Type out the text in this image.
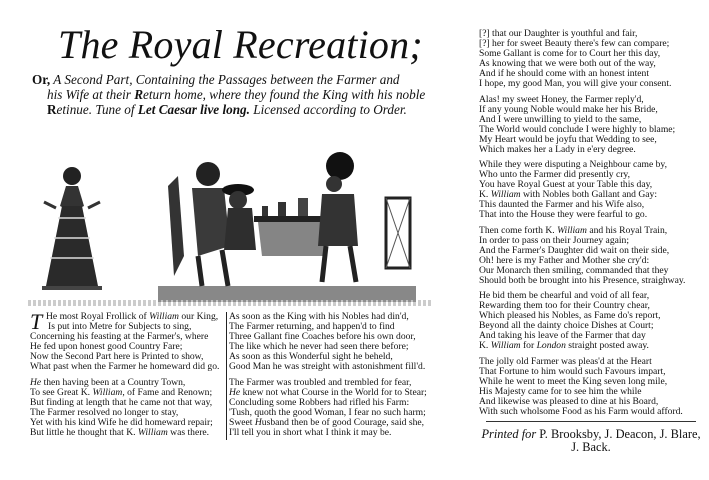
The Royal Recreation;
Or, A Second Part, Containing the Passages between the Farmer and
his Wife at their Return home, where they found the King with his noble
Retinue. Tune of Let Caesar live long. Licensed according to Order.
T He most Royal Frollick of William our King,
Is put into Metre for Subjects to sing,
Concerning his feasting at the Farmer's, where
He fed upon honest good Country Fare;
Now the Second Part here is Printed to show,
What past when the Farmer he homeward did go.
He then having been at a Country Town,
To see Great K. William, of Fame and Renown;
But finding at length that he came not that way,
The Farmer resolved no longer to stay,
Yet with his kind Wife he did homeward repair;
But little he thought that K. William was there.
As soon as the King with his Nobles had din'd,
The Farmer returning, and happen'd to find
Three Gallant fine Coaches before his own door,
The like which he never had seen there before;
As soon as this Wonderful sight he beheld,
Good Man he was streight with astonishment fill'd.
The Farmer was troubled and trembled for fear,
He knew not what Course in the World for to Stear;
Concluding some Robbers had rifled his Farm:
'Tush, quoth the good Woman, I fear no such harm;
Sweet Husband then be of good Courage, said she,
I'll tell you in short what I think it may be.
[?] that our Daughter is youthful and fair,
[?] her for sweet Beauty there's few can compare;
Some Gallant is come for to Court her this day,
As knowing that we were both out of the way,
And if he should come with an honest intent
I hope, my good Man, you will give your consent.
Alas! my sweet Honey, the Farmer reply'd,
If any young Noble would make her his Bride,
And I were unwilling to yield to the same,
The World would conclude I were highly to blame;
My Heart would be joyfu that Wedding to see,
Which makes her a Lady in e'ery degree.
While they were disputing a Neighbour came by,
Who unto the Farmer did presently cry,
You have Royal Guest at your Table this day,
K. William with Nobles both Gallant and Gay:
This daunted the Farmer and his Wife also,
That into the House they were fearful to go.
Then come forth K. William and his Royal Train,
In order to pass on their Journey again;
And the Farmer's Daughter did wait on their side,
Oh! here is my Father and Mother she cry'd:
Our Monarch then smiling, commanded that they
Should both be brought into his Presence, straighway.
He bid them be chearful and void of all fear,
Rewarding them too for their Country chear,
Which pleased his Nobles, as Fame do's report,
Beyond all the dainty choice Dishes at Court;
And taking his leave of the Farmer that day
K. William for London straight posted away.
The jolly old Farmer was pleas'd at the Heart
That Fortune to him would such Favours impart,
While he went to meet the King seven long mile,
His Majesty came for to see him the while
And likewise was pleased to dine at his Board,
With such wholsome Food as his Farm would afford.
Printed for P. Brooksby, J. Deacon, J. Blare,
J. Back.
